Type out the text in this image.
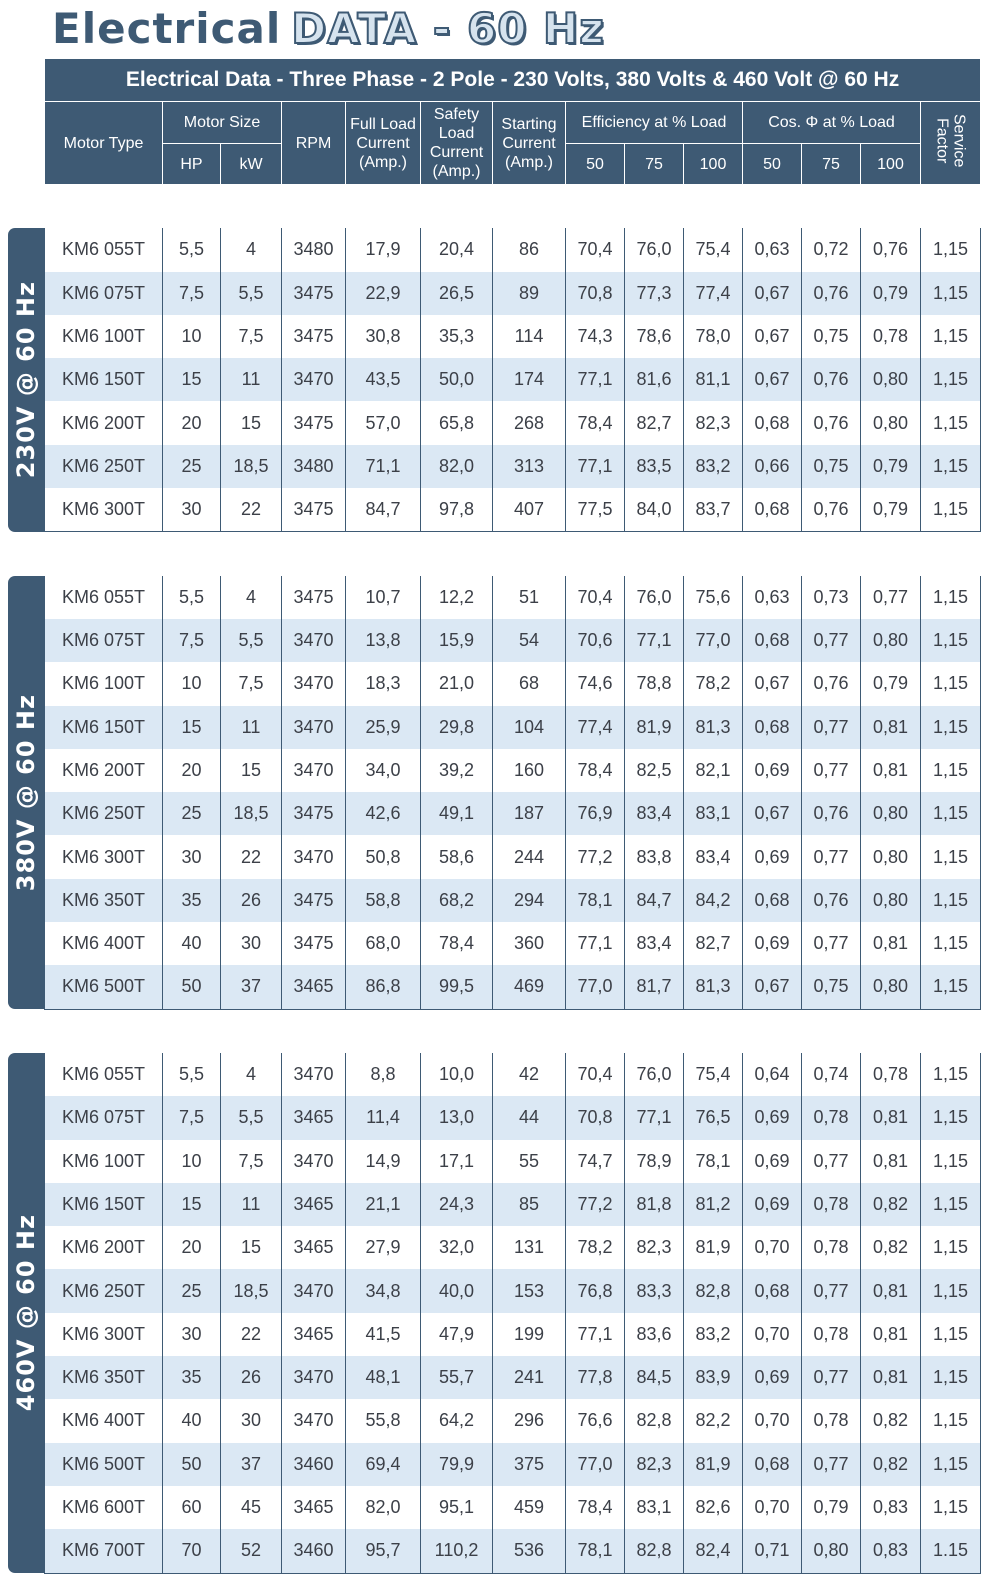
Electrical DATA - 60 Hz
230V @ 60 Hz
380V @ 60 Hz
460V @ 60 Hz
Electrical Data - Three Phase - 2 Pole - 230 Volts, 380 Volts & 460 Volt @ 60 Hz													
Motor Type	Motor Size		RPM	Full Load Current (Amp.)	Safety Load Current (Amp.)	Starting Current (Amp.)	Efficiency at % Load			Cos. Φ at % Load			Service Factor
	HP	kW					50	75	100	50	75	100	

KM6 055T	5,5	4	3480	17,9	20,4	86	70,4	76,0	75,4	0,63	0,72	0,76	1,15
KM6 075T	7,5	5,5	3475	22,9	26,5	89	70,8	77,3	77,4	0,67	0,76	0,79	1,15
KM6 100T	10	7,5	3475	30,8	35,3	114	74,3	78,6	78,0	0,67	0,75	0,78	1,15
KM6 150T	15	11	3470	43,5	50,0	174	77,1	81,6	81,1	0,67	0,76	0,80	1,15
KM6 200T	20	15	3475	57,0	65,8	268	78,4	82,7	82,3	0,68	0,76	0,80	1,15
KM6 250T	25	18,5	3480	71,1	82,0	313	77,1	83,5	83,2	0,66	0,75	0,79	1,15
KM6 300T	30	22	3475	84,7	97,8	407	77,5	84,0	83,7	0,68	0,76	0,79	1,15

KM6 055T	5,5	4	3475	10,7	12,2	51	70,4	76,0	75,6	0,63	0,73	0,77	1,15
KM6 075T	7,5	5,5	3470	13,8	15,9	54	70,6	77,1	77,0	0,68	0,77	0,80	1,15
KM6 100T	10	7,5	3470	18,3	21,0	68	74,6	78,8	78,2	0,67	0,76	0,79	1,15
KM6 150T	15	11	3470	25,9	29,8	104	77,4	81,9	81,3	0,68	0,77	0,81	1,15
KM6 200T	20	15	3470	34,0	39,2	160	78,4	82,5	82,1	0,69	0,77	0,81	1,15
KM6 250T	25	18,5	3475	42,6	49,1	187	76,9	83,4	83,1	0,67	0,76	0,80	1,15
KM6 300T	30	22	3470	50,8	58,6	244	77,2	83,8	83,4	0,69	0,77	0,80	1,15
KM6 350T	35	26	3475	58,8	68,2	294	78,1	84,7	84,2	0,68	0,76	0,80	1,15
KM6 400T	40	30	3475	68,0	78,4	360	77,1	83,4	82,7	0,69	0,77	0,81	1,15
KM6 500T	50	37	3465	86,8	99,5	469	77,0	81,7	81,3	0,67	0,75	0,80	1,15

KM6 055T	5,5	4	3470	8,8	10,0	42	70,4	76,0	75,4	0,64	0,74	0,78	1,15
KM6 075T	7,5	5,5	3465	11,4	13,0	44	70,8	77,1	76,5	0,69	0,78	0,81	1,15
KM6 100T	10	7,5	3470	14,9	17,1	55	74,7	78,9	78,1	0,69	0,77	0,81	1,15
KM6 150T	15	11	3465	21,1	24,3	85	77,2	81,8	81,2	0,69	0,78	0,82	1,15
KM6 200T	20	15	3465	27,9	32,0	131	78,2	82,3	81,9	0,70	0,78	0,82	1,15
KM6 250T	25	18,5	3470	34,8	40,0	153	76,8	83,3	82,8	0,68	0,77	0,81	1,15
KM6 300T	30	22	3465	41,5	47,9	199	77,1	83,6	83,2	0,70	0,78	0,81	1,15
KM6 350T	35	26	3470	48,1	55,7	241	77,8	84,5	83,9	0,69	0,77	0,81	1,15
KM6 400T	40	30	3470	55,8	64,2	296	76,6	82,8	82,2	0,70	0,78	0,82	1,15
KM6 500T	50	37	3460	69,4	79,9	375	77,0	82,3	81,9	0,68	0,77	0,82	1,15
KM6 600T	60	45	3465	82,0	95,1	459	78,4	83,1	82,6	0,70	0,79	0,83	1,15
KM6 700T	70	52	3460	95,7	110,2	536	78,1	82,8	82,4	0,71	0,80	0,83	1.15
